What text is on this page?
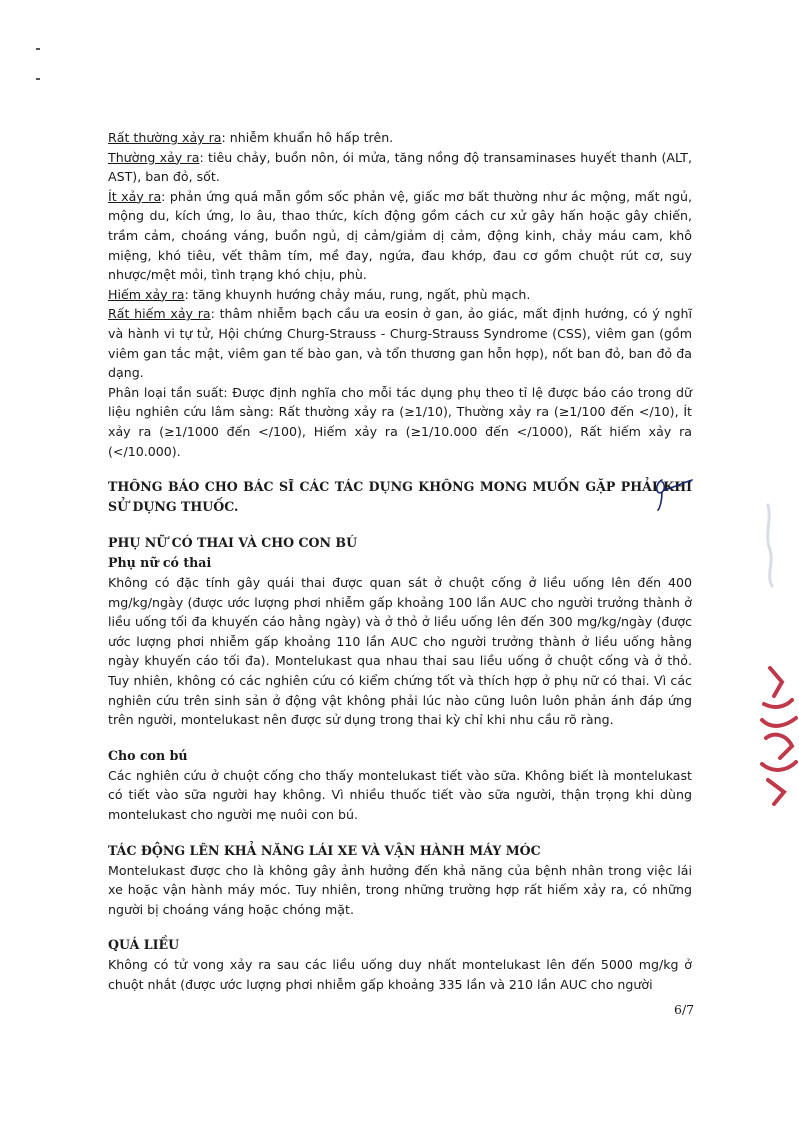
Rất thường xảy ra: nhiễm khuẩn hô hấp trên.

Thường xảy ra: tiêu chảy, buồn nôn, ói mửa, tăng nồng độ transaminases huyết thanh (ALT, AST), ban đỏ, sốt.

Ít xảy ra: phản ứng quá mẫn gồm sốc phản vệ, giấc mơ bất thường như ác mộng, mất ngủ, mộng du, kích ứng, lo âu, thao thức, kích động gồm cách cư xử gây hấn hoặc gây chiến, trầm cảm, choáng váng, buồn ngủ, dị cảm/giảm dị cảm, động kinh, chảy máu cam, khô miệng, khó tiêu, vết thâm tím, mề đay, ngứa, đau khớp, đau cơ gồm chuột rút cơ, suy nhược/mệt mỏi, tình trạng khó chịu, phù.

Hiếm xảy ra: tăng khuynh hướng chảy máu, rung, ngất, phù mạch.

Rất hiếm xảy ra: thâm nhiễm bạch cầu ưa eosin ở gan, ảo giác, mất định hướng, có ý nghĩ và hành vi tự tử, Hội chứng Churg-Strauss - Churg-Strauss Syndrome (CSS), viêm gan (gồm viêm gan tắc mật, viêm gan tế bào gan, và tổn thương gan hỗn hợp), nốt ban đỏ, ban đỏ đa dạng.

Phân loại tần suất: Được định nghĩa cho mỗi tác dụng phụ theo tỉ lệ được báo cáo trong dữ liệu nghiên cứu lâm sàng: Rất thường xảy ra (≥1/10), Thường xảy ra (≥1/100 đến </10), Ít xảy ra (≥1/1000 đến </100), Hiếm xảy ra (≥1/10.000 đến </1000), Rất hiếm xảy ra (</10.000).

THÔNG BÁO CHO BÁC SĨ CÁC TÁC DỤNG KHÔNG MONG MUỐN GẶP PHẢI KHI SỬ DỤNG THUỐC.

PHỤ NỮ CÓ THAI VÀ CHO CON BÚ

Phụ nữ có thai

Không có đặc tính gây quái thai được quan sát ở chuột cống ở liều uống lên đến 400 mg/kg/ngày (được ước lượng phơi nhiễm gấp khoảng 100 lần AUC cho người trưởng thành ở liều uống tối đa khuyến cáo hằng ngày) và ở thỏ ở liều uống lên đến 300 mg/kg/ngày (được ước lượng phơi nhiễm gấp khoảng 110 lần AUC cho người trưởng thành ở liều uống hằng ngày khuyến cáo tối đa). Montelukast qua nhau thai sau liều uống ở chuột cống và ở thỏ. Tuy nhiên, không có các nghiên cứu có kiểm chứng tốt và thích hợp ở phụ nữ có thai. Vì các nghiên cứu trên sinh sản ở động vật không phải lúc nào cũng luôn luôn phản ánh đáp ứng trên người, montelukast nên được sử dụng trong thai kỳ chỉ khi nhu cầu rõ ràng.

Cho con bú

Các nghiên cứu ở chuột cống cho thấy montelukast tiết vào sữa. Không biết là montelukast có tiết vào sữa người hay không. Vì nhiều thuốc tiết vào sữa người, thận trọng khi dùng montelukast cho người mẹ nuôi con bú.

TÁC ĐỘNG LÊN KHẢ NĂNG LÁI XE VÀ VẬN HÀNH MÁY MÓC

Montelukast được cho là không gây ảnh hưởng đến khả năng của bệnh nhân trong việc lái xe hoặc vận hành máy móc. Tuy nhiên, trong những trường hợp rất hiếm xảy ra, có những người bị choáng váng hoặc chóng mặt.

QUÁ LIỀU

Không có tử vong xảy ra sau các liều uống duy nhất montelukast lên đến 5000 mg/kg ở chuột nhắt (được ước lượng phơi nhiễm gấp khoảng 335 lần và 210 lần AUC cho người

6/7
